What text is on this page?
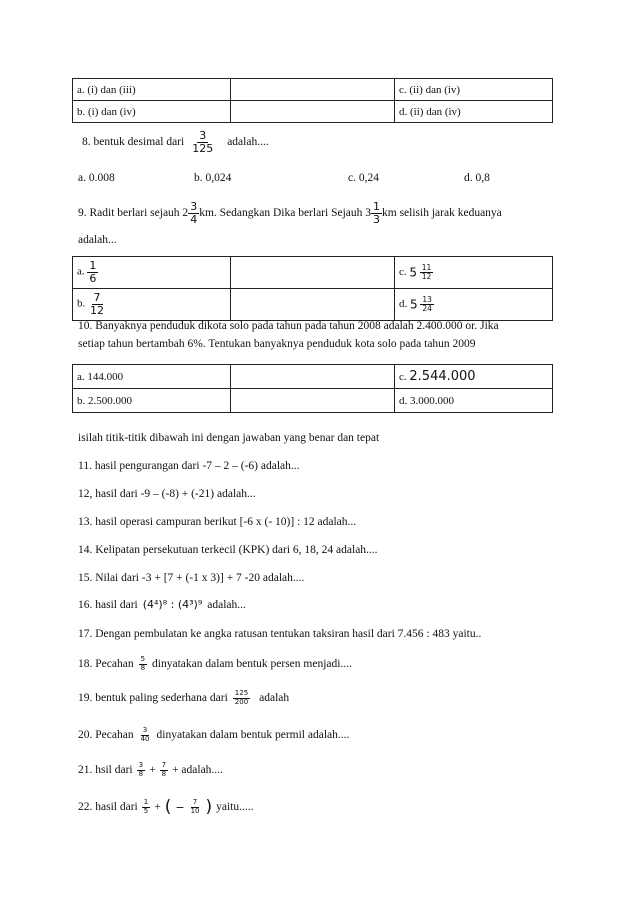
a. (i) dan (iii)		c. (ii) dan (iv)
b. (i) dan (iv)		d. (ii) dan (iv)
8. bentuk desimal dari $\frac{3}{125}$ adalah....
a. 0.008	b. 0,024	c. 0,24	d. 0,8
9. Radit berlari sejauh $2 \frac{3}{4}$ km. Sedangkan Dika berlari Sejauh $3 \frac{1}{3}$ km selisih jarak keduanya
adalah...
a. $\frac{1}{6}$		c. $5 \frac{11}{12}$

b. $\frac{7}{12}$		d. $5 \frac{13}{24}$
10. Banyaknya penduduk dikota solo pada tahun pada tahun 2008 adalah 2.400.000 or. Jika
setiap tahun bertambah 6%. Tentukan banyaknya penduduk kota solo pada tahun 2009
a. 144.000		c. 2.544.000
b. 2.500.000		d. 3.000.000
isilah titik-titik dibawah ini dengan jawaban yang benar dan tepat
11. hasil pengurangan dari -7 – 2 – (-6) adalah...
12, hasil dari -9 – (-8) + (-21) adalah...
13. hasil operasi campuran berikut [-6 x (- 10)] : 12 adalah...
14. Kelipatan persekutuan terkecil (KPK) dari 6, 18, 24 adalah....
15. Nilai dari -3 + [7 + (-1 x 3)] + 7 -20 adalah....
16. hasil dari (4⁴)⁸ : (4³)⁹ adalah...
17. Dengan pembulatan ke angka ratusan tentukan taksiran hasil dari 7.456 : 483 yaitu..
18. Pecahan $\frac{5}{8}$ dinyatakan dalam bentuk persen menjadi....
19. bentuk paling sederhana dari $\frac{125}{200}$ adalah
20. Pecahan $\frac{3}{40}$ dinyatakan dalam bentuk permil adalah....
21. hsil dari $\frac{3}{8} + \frac{7}{8}$ + adalah....
22. hasil dari $\frac{1}{5}$ + ( − $\frac{7}{10}$ ) yaitu.....
